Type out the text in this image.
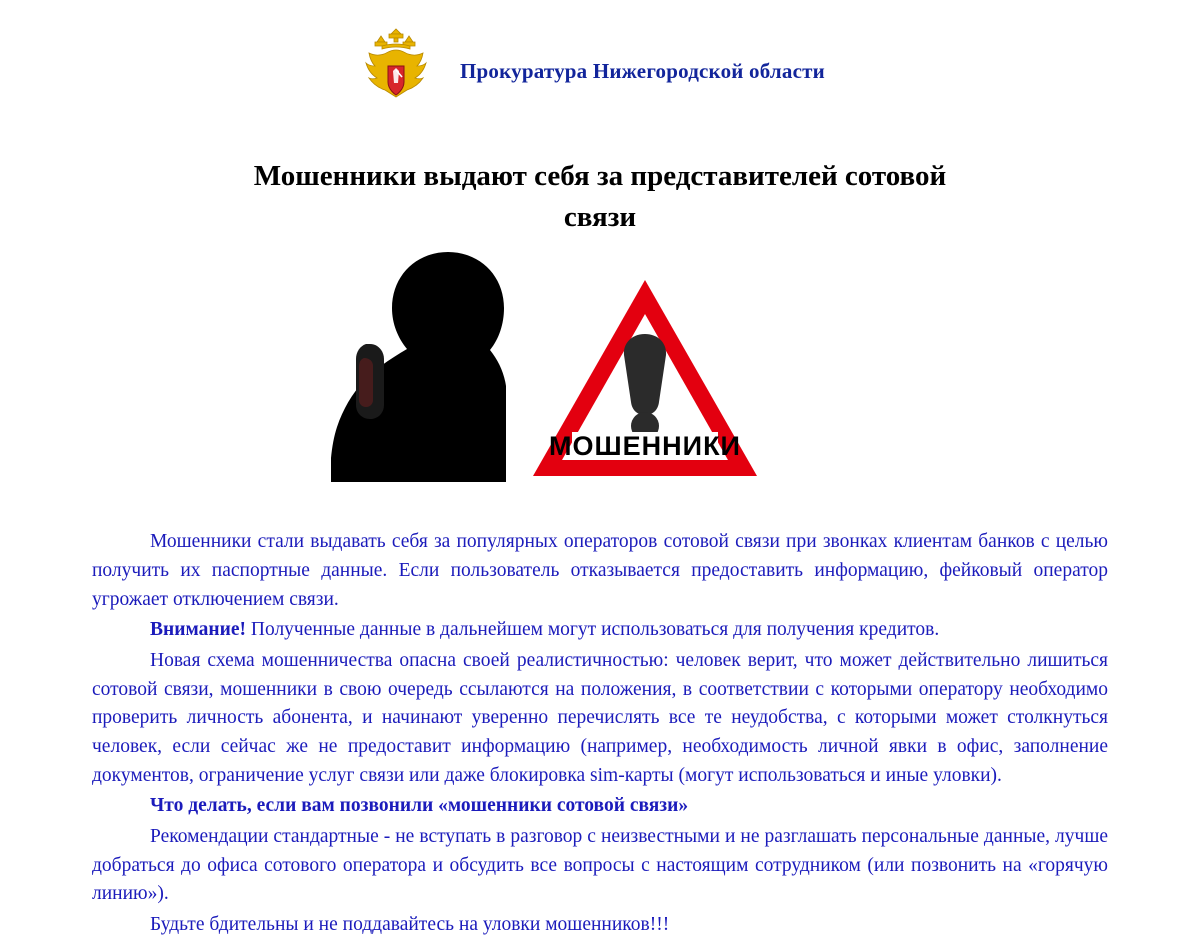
Прокуратура Нижегородской области
Мошенники выдают себя за представителей сотовой связи
МОШЕННИКИ

Мошенники стали выдавать себя за популярных операторов сотовой связи при звонках клиентам банков с целью получить их паспортные данные. Если пользователь отказывается предоставить информацию, фейковый оператор угрожает отключением связи.

Внимание! Полученные данные в дальнейшем могут использоваться для получения кредитов.

Новая схема мошенничества опасна своей реалистичностью: человек верит, что может действительно лишиться сотовой связи, мошенники в свою очередь ссылаются на положения, в соответствии с которыми оператору необходимо проверить личность абонента, и начинают уверенно перечислять все те неудобства, с которыми может столкнуться человек, если сейчас же не предоставит информацию (например, необходимость личной явки в офис, заполнение документов, ограничение услуг связи или даже блокировка sim-карты (могут использоваться и иные уловки).

Что делать, если вам позвонили «мошенники сотовой связи»

Рекомендации стандартные - не вступать в разговор с неизвестными и не разглашать персональные данные, лучше добраться до офиса сотового оператора и обсудить все вопросы с настоящим сотрудником (или позвонить на «горячую линию»).

Будьте бдительны и не поддавайтесь на уловки мошенников!!!
